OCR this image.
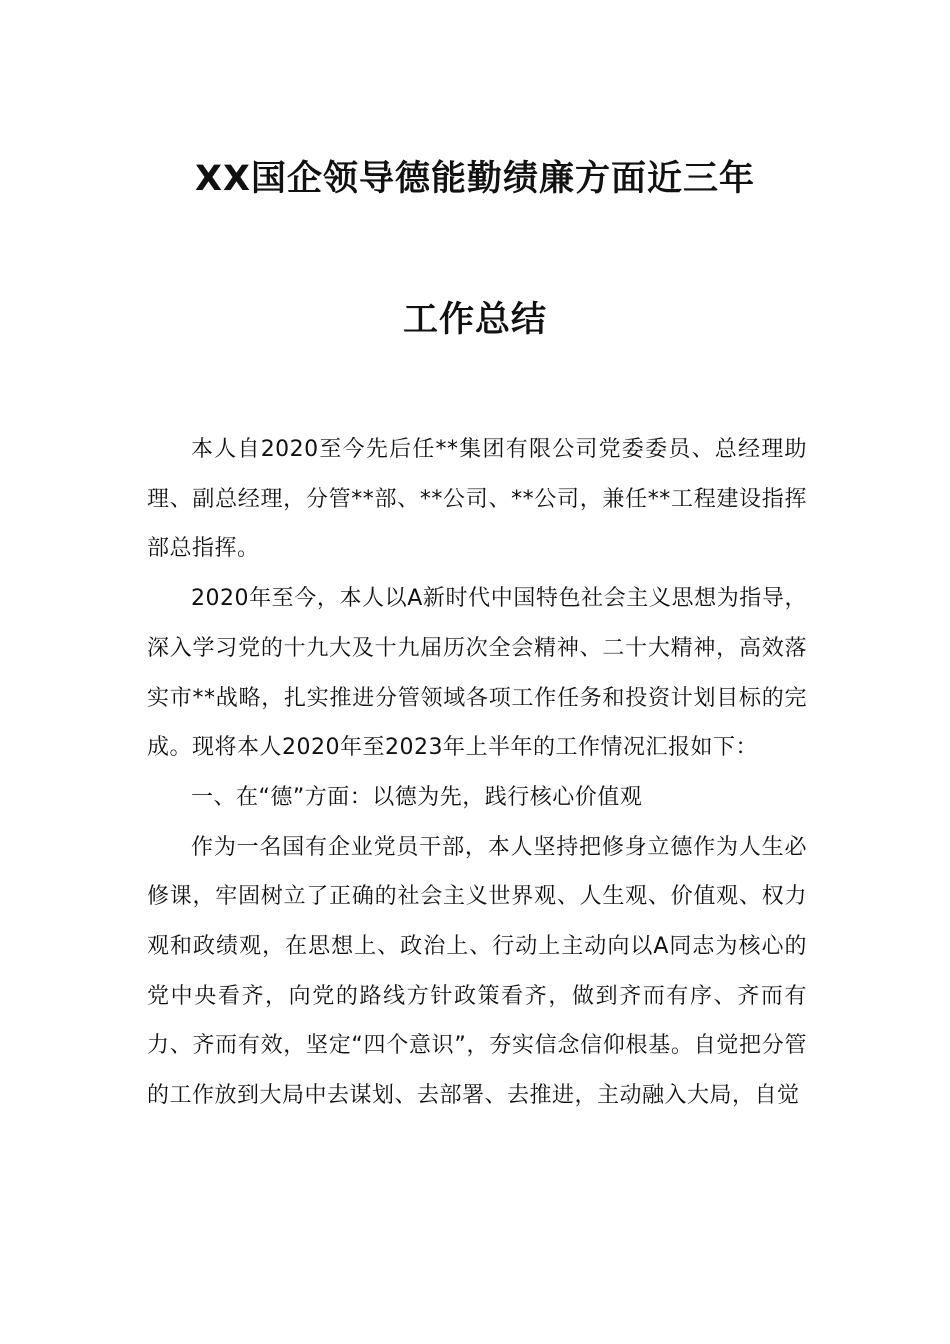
XX国企领导德能勤绩廉方面近三年
工作总结

本人自2020至今先后任**集团有限公司党委委员、总经理助理、副总经理，分管**部、**公司、**公司，兼任**工程建设指挥部总指挥。

2020年至今，本人以A新时代中国特色社会主义思想为指导，深入学习党的十九大及十九届历次全会精神、二十大精神，高效落实市**战略，扎实推进分管领域各项工作任务和投资计划目标的完成。现将本人2020年至2023年上半年的工作情况汇报如下：

一、在“德”方面：以德为先，践行核心价值观

作为一名国有企业党员干部，本人坚持把修身立德作为人生必修课，牢固树立了正确的社会主义世界观、人生观、价值观、权力观和政绩观，在思想上、政治上、行动上主动向以A同志为核心的党中央看齐，向党的路线方针政策看齐，做到齐而有序、齐而有力、齐而有效，坚定“四个意识”，夯实信念信仰根基。自觉把分管的工作放到大局中去谋划、去部署、去推进，主动融入大局，自觉
